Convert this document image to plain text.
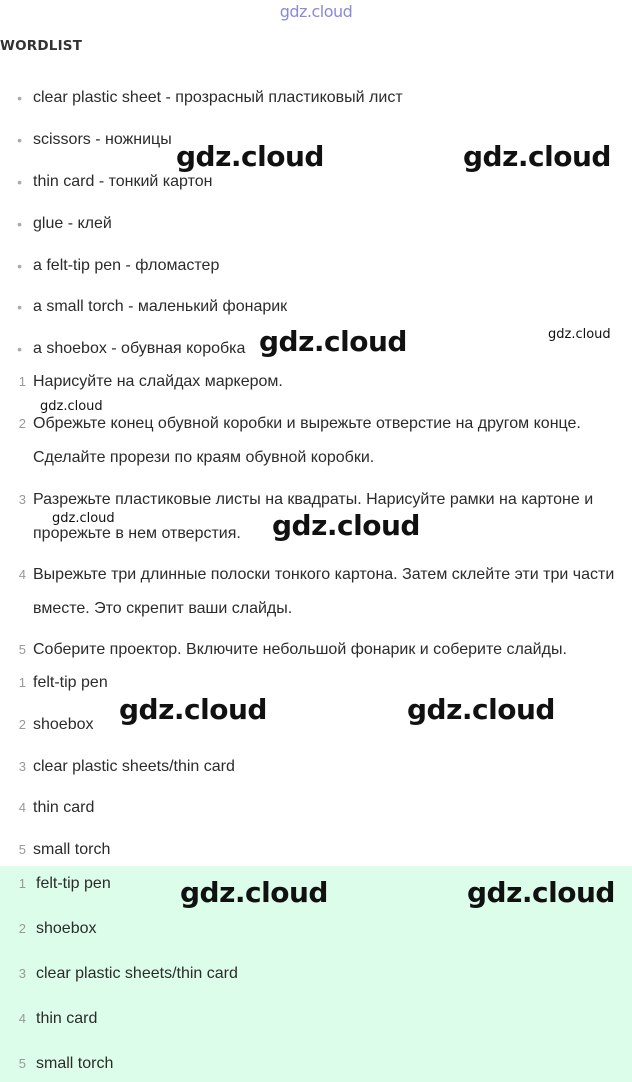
gdz.cloud
WORDLIST
• clear plastic sheet - прозрасный пластиковый лист
• scissors - ножницы
• thin card - тонкий картон
• glue - клей
• a felt-tip pen - фломастер
• a small torch - маленький фонарик
• a shoebox - обувная коробка
1 Нарисуйте на слайдах маркером.
2 Обрежьте конец обувной коробки и вырежьте отверстие на другом конце. Сделайте прорези по краям обувной коробки.
3 Разрежьте пластиковые листы на квадраты. Нарисуйте рамки на картоне и прорежьте в нем отверстия.
4 Вырежьте три длинные полоски тонкого картона. Затем склейте эти три части вместе. Это скрепит ваши слайды.
5 Соберите проектор. Включите небольшой фонарик и соберите слайды.
1 felt-tip pen
2 shoebox
3 clear plastic sheets/thin card
4 thin card
5 small torch
1 felt-tip pen
2 shoebox
3 clear plastic sheets/thin card
4 thin card
5 small torch
gdz.cloud	gdz.cloud
gdz.cloud	gdz.cloud
gdz.cloud
gdz.cloud	gdz.cloud
gdz.cloud	gdz.cloud
gdz.cloud	gdz.cloud
